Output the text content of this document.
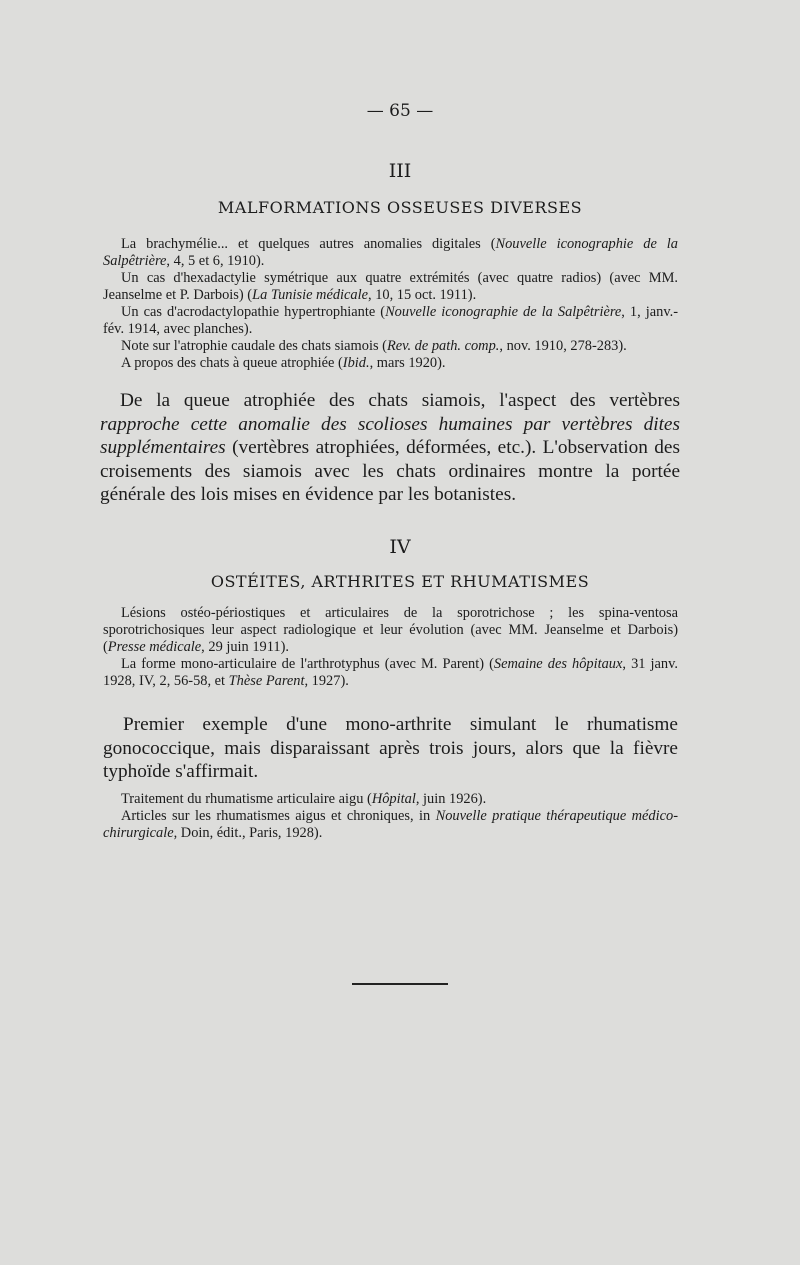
— 65 —
III
MALFORMATIONS OSSEUSES DIVERSES

La brachymélie... et quelques autres anomalies digitales (Nouvelle iconographie de la Salpêtrière, 4, 5 et 6, 1910).

Un cas d'hexadactylie symétrique aux quatre extrémités (avec quatre radios) (avec MM. Jeanselme et P. Darbois) (La Tunisie médicale, 10, 15 oct. 1911).

Un cas d'acrodactylopathie hypertrophiante (Nouvelle iconographie de la Salpêtrière, 1, janv.-fév. 1914, avec planches).

Note sur l'atrophie caudale des chats siamois (Rev. de path. comp., nov. 1910, 278-283).

A propos des chats à queue atrophiée (Ibid., mars 1920).

De la queue atrophiée des chats siamois, l'aspect des vertèbres rapproche cette anomalie des scolioses humaines par vertèbres dites supplémentaires (vertèbres atrophiées, déformées, etc.). L'observation des croisements des siamois avec les chats ordinaires montre la portée générale des lois mises en évidence par les botanistes.

IV
OSTÉITES, ARTHRITES ET RHUMATISMES

Lésions ostéo-périostiques et articulaires de la sporotrichose ; les spina-ventosa sporotrichosiques leur aspect radiologique et leur évolution (avec MM. Jeanselme et Darbois) (Presse médicale, 29 juin 1911).

La forme mono-articulaire de l'arthrotyphus (avec M. Parent) (Semaine des hôpitaux, 31 janv. 1928, IV, 2, 56-58, et Thèse Parent, 1927).

Premier exemple d'une mono-arthrite simulant le rhumatisme gonococcique, mais disparaissant après trois jours, alors que la fièvre typhoïde s'affirmait.

Traitement du rhumatisme articulaire aigu (Hôpital, juin 1926).

Articles sur les rhumatismes aigus et chroniques, in Nouvelle pratique thérapeutique médico-chirurgicale, Doin, édit., Paris, 1928).
